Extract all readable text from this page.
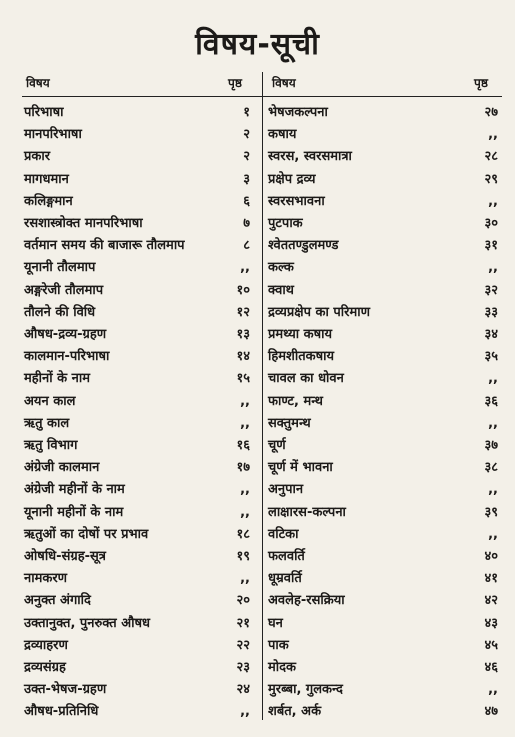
विषय-सूची
विषय	पृष्ठ	विषय	पृष्ठ
परिभाषा	१
मानपरिभाषा	२
प्रकार	२
मागधमान	३
कलिङ्गमान	६
रसशास्त्रोक्त मानपरिभाषा	७
वर्तमान समय की बाजारू तौलमाप	८
यूनानी तौलमाप	,,
अङ्गरेजी तौलमाप	१०
तौलने की विधि	१२
औषध-द्रव्य-ग्रहण	१३
कालमान-परिभाषा	१४
महीनों के नाम	१५
अयन काल	,,
ऋतु काल	,,
ऋतु विभाग	१६
अंग्रेजी कालमान	१७
अंग्रेजी महीनों के नाम	,,
यूनानी महीनों के नाम	,,
ऋतुओं का दोषों पर प्रभाव	१८
ओषधि-संग्रह-सूत्र	१९
नामकरण	,,
अनुक्त अंगादि	२०
उक्तानुक्त, पुनरुक्त औषध	२१
द्रव्याहरण	२२
द्रव्यसंग्रह	२३
उक्त-भेषज-ग्रहण	२४
औषध-प्रतिनिधि	,,
भेषजकल्पना	२७
कषाय	,,
स्वरस, स्वरसमात्रा	२८
प्रक्षेप द्रव्य	२९
स्वरसभावना	,,
पुटपाक	३०
श्वेतत‌ण्डुलमण्ड	३१
कल्क	,,
क्वाथ	३२
द्रव्यप्रक्षेप का परिमाण	३३
प्रमथ्या कषाय	३४
हिमशीतकषाय	३५
चावल का धोवन	,,
फाण्ट, मन्थ	३६
सक्तुमन्थ	,,
चूर्ण	३७
चूर्ण में भावना	३८
अनुपान	,,
लाक्षारस-कल्पना	३९
वटिका	,,
फलवर्ति	४०
धूम्रवर्ति	४१
अवलेह-रसक्रिया	४२
घन	४३
पाक	४५
मोदक	४६
मुरब्बा, गुलकन्द	,,
शर्बत, अर्क	४७
